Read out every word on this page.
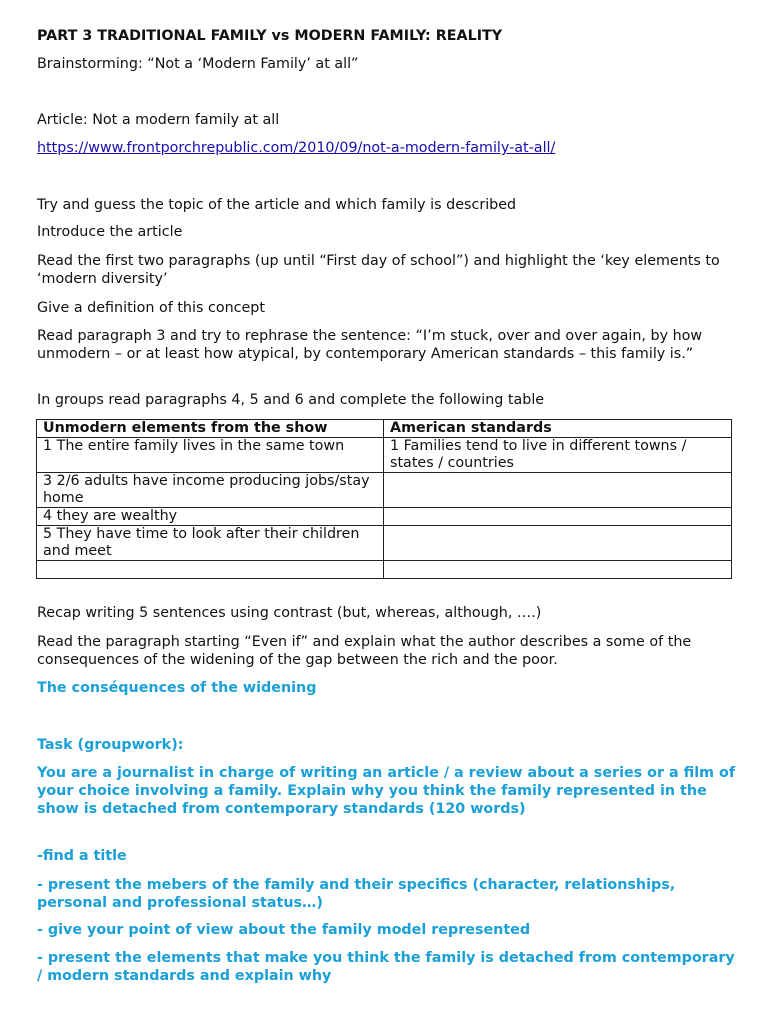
PART 3 TRADITIONAL FAMILY vs MODERN FAMILY: REALITY

Brainstorming: “Not a ‘Modern Family’ at all”

Article: Not a modern family at all

https://www.frontporchrepublic.com/2010/09/not-a-modern-family-at-all/

Try and guess the topic of the article and which family is described

Introduce the article

Read the first two paragraphs (up until “First day of school”) and highlight the ‘key elements to ‘modern diversity’

Give a definition of this concept

Read paragraph 3 and try to rephrase the sentence: “I’m stuck, over and over again, by how unmodern – or at least how atypical, by contemporary American standards – this family is.”

In groups read paragraphs 4, 5 and 6 and complete the following table

Unmodern elements from the show	American standards
1 The entire family lives in the same town	1 Families tend to live in different towns / states / countries
3 2/6 adults have income producing jobs/stay home	
4 they are wealthy	
5 They have time to look after their children and meet	

Recap writing 5 sentences using contrast (but, whereas, although, ….)

Read the paragraph starting “Even if” and explain what the author describes a some of the consequences of the widening of the gap between the rich and the poor.

The conséquences of the widening

Task (groupwork):

You are a journalist in charge of writing an article / a review about a series or a film of your choice involving a family. Explain why you think the family represented in the show is detached from contemporary standards (120 words)

-find a title

- present the mebers of the family and their specifics (character, relationships, personal and professional status…)

- give your point of view about the family model represented

- present the elements that make you think the family is detached from contemporary / modern standards and explain why
